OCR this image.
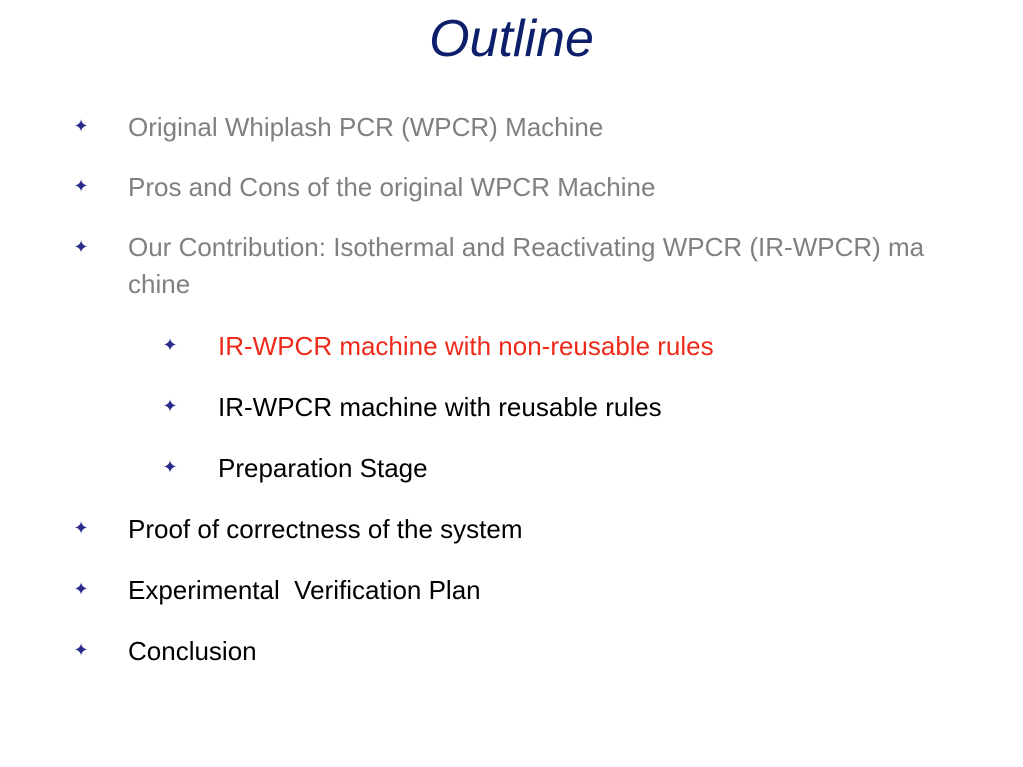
Outline
✦ Original Whiplash PCR (WPCR) Machine
✦ Pros and Cons of the original WPCR Machine
✦ Our Contribution: Isothermal and Reactivating WPCR (IR-WPCR) machine
✦ IR-WPCR machine with non-reusable rules
✦ IR-WPCR machine with reusable rules
✦ Preparation Stage
✦ Proof of correctness of the system
✦ Experimental  Verification Plan
✦ Conclusion
